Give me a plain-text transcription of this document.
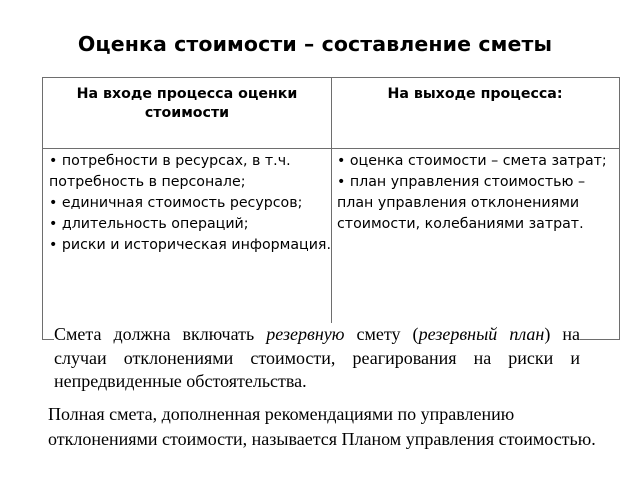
Оценка стоимости – составление сметы
На входе процесса оценки стоимости
На выходе процесса:
• потребности в ресурсах, в т.ч. потребность в персонале;
• единичная стоимость ресурсов;
• длительность операций;
• риски и историческая информация.
• оценка стоимости – смета затрат;
• план управления стоимостью – план управления отклонениями стоимости, колебаниями затрат.
Смета должна включать резервную смету (резервный план) на случаи отклонениями стоимости, реагирования на риски и непредвиденные обстоятельства.
Полная смета, дополненная рекомендациями по управлению отклонениями стоимости, называется Планом управления стоимостью.
